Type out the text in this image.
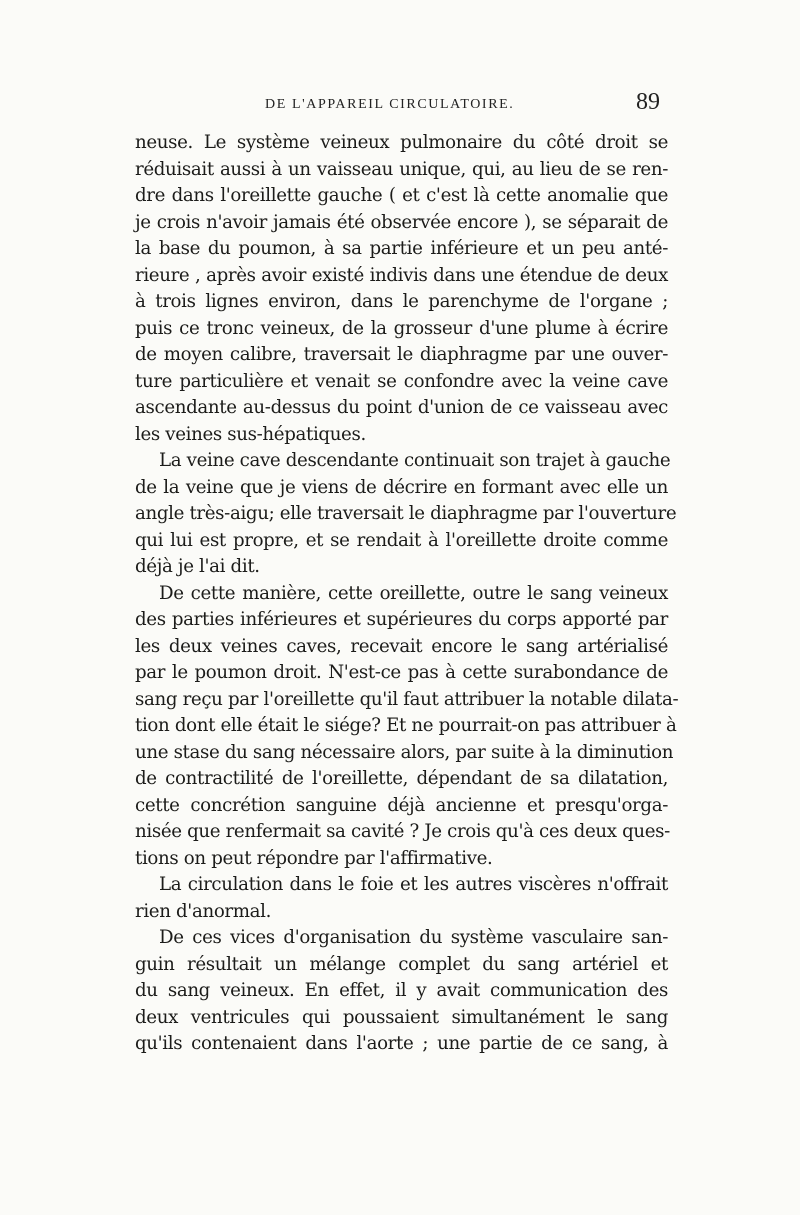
DE L'APPAREIL CIRCULATOIRE.	89
neuse. Le système veineux pulmonaire du côté droit se
réduisait aussi à un vaisseau unique, qui, au lieu de se ren-
dre dans l'oreillette gauche ( et c'est là cette anomalie que
je crois n'avoir jamais été observée encore ), se séparait de
la base du poumon, à sa partie inférieure et un peu anté-
rieure , après avoir existé indivis dans une étendue de deux
à trois lignes environ, dans le parenchyme de l'organe ;
puis ce tronc veineux, de la grosseur d'une plume à écrire
de moyen calibre, traversait le diaphragme par une ouver-
ture particulière et venait se confondre avec la veine cave
ascendante au-dessus du point d'union de ce vaisseau avec
les veines sus-hépatiques.
La veine cave descendante continuait son trajet à gauche
de la veine que je viens de décrire en formant avec elle un
angle très-aigu; elle traversait le diaphragme par l'ouverture
qui lui est propre, et se rendait à l'oreillette droite comme
déjà je l'ai dit.
De cette manière, cette oreillette, outre le sang veineux
des parties inférieures et supérieures du corps apporté par
les deux veines caves, recevait encore le sang artérialisé
par le poumon droit. N'est-ce pas à cette surabondance de
sang reçu par l'oreillette qu'il faut attribuer la notable dilata-
tion dont elle était le siége? Et ne pourrait-on pas attribuer à
une stase du sang nécessaire alors, par suite à la diminution
de contractilité de l'oreillette, dépendant de sa dilatation,
cette concrétion sanguine déjà ancienne et presqu'orga-
nisée que renfermait sa cavité ? Je crois qu'à ces deux ques-
tions on peut répondre par l'affirmative.
La circulation dans le foie et les autres viscères n'offrait
rien d'anormal.
De ces vices d'organisation du système vasculaire san-
guin résultait un mélange complet du sang artériel et
du sang veineux. En effet, il y avait communication des
deux ventricules qui poussaient simultanément le sang
qu'ils contenaient dans l'aorte ; une partie de ce sang, à
